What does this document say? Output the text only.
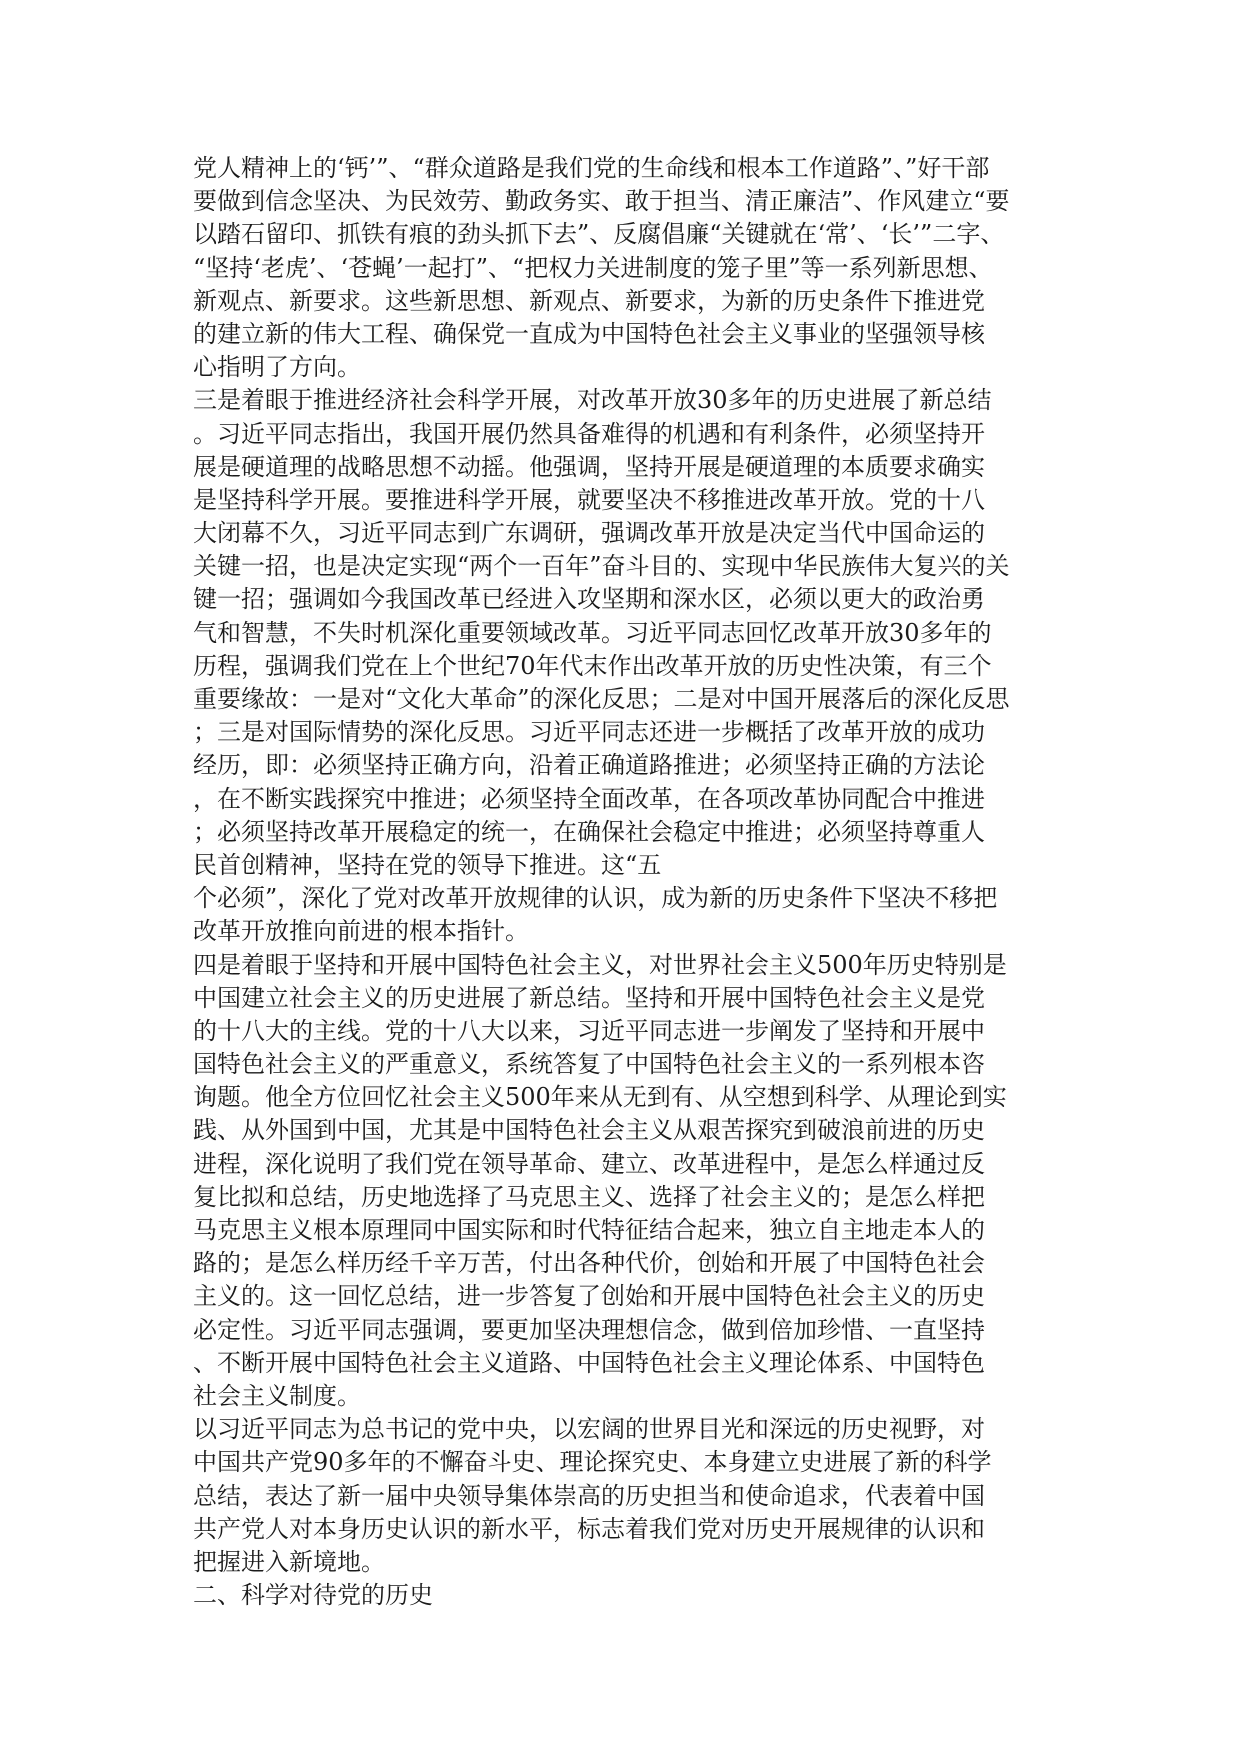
党人精神上的‘钙’”、“群众道路是我们党的生命线和根本工作道路”、”好干部
要做到信念坚决、为民效劳、勤政务实、敢于担当、清正廉洁”、作风建立“要
以踏石留印、抓铁有痕的劲头抓下去”、反腐倡廉“关键就在‘常’、‘长’”二字、
“坚持‘老虎’、‘苍蝇’一起打”、“把权力关进制度的笼子里”等一系列新思想、
新观点、新要求。这些新思想、新观点、新要求，为新的历史条件下推进党
的建立新的伟大工程、确保党一直成为中国特色社会主义事业的坚强领导核
心指明了方向。
三是着眼于推进经济社会科学开展，对改革开放30多年的历史进展了新总结
。习近平同志指出，我国开展仍然具备难得的机遇和有利条件，必须坚持开
展是硬道理的战略思想不动摇。他强调，坚持开展是硬道理的本质要求确实
是坚持科学开展。要推进科学开展，就要坚决不移推进改革开放。党的十八
大闭幕不久，习近平同志到广东调研，强调改革开放是决定当代中国命运的
关键一招，也是决定实现“两个一百年”奋斗目的、实现中华民族伟大复兴的关
键一招；强调如今我国改革已经进入攻坚期和深水区，必须以更大的政治勇
气和智慧，不失时机深化重要领域改革。习近平同志回忆改革开放30多年的
历程，强调我们党在上个世纪70年代末作出改革开放的历史性决策，有三个
重要缘故：一是对“文化大革命”的深化反思；二是对中国开展落后的深化反思
；三是对国际情势的深化反思。习近平同志还进一步概括了改革开放的成功
经历，即：必须坚持正确方向，沿着正确道路推进；必须坚持正确的方法论
，在不断实践探究中推进；必须坚持全面改革，在各项改革协同配合中推进
；必须坚持改革开展稳定的统一，在确保社会稳定中推进；必须坚持尊重人
民首创精神，坚持在党的领导下推进。这“五
个必须”，深化了党对改革开放规律的认识，成为新的历史条件下坚决不移把
改革开放推向前进的根本指针。
四是着眼于坚持和开展中国特色社会主义，对世界社会主义500年历史特别是
中国建立社会主义的历史进展了新总结。坚持和开展中国特色社会主义是党
的十八大的主线。党的十八大以来，习近平同志进一步阐发了坚持和开展中
国特色社会主义的严重意义，系统答复了中国特色社会主义的一系列根本咨
询题。他全方位回忆社会主义500年来从无到有、从空想到科学、从理论到实
践、从外国到中国，尤其是中国特色社会主义从艰苦探究到破浪前进的历史
进程，深化说明了我们党在领导革命、建立、改革进程中，是怎么样通过反
复比拟和总结，历史地选择了马克思主义、选择了社会主义的；是怎么样把
马克思主义根本原理同中国实际和时代特征结合起来，独立自主地走本人的
路的；是怎么样历经千辛万苦，付出各种代价，创始和开展了中国特色社会
主义的。这一回忆总结，进一步答复了创始和开展中国特色社会主义的历史
必定性。习近平同志强调，要更加坚决理想信念，做到倍加珍惜、一直坚持
、不断开展中国特色社会主义道路、中国特色社会主义理论体系、中国特色
社会主义制度。
以习近平同志为总书记的党中央，以宏阔的世界目光和深远的历史视野，对
中国共产党90多年的不懈奋斗史、理论探究史、本身建立史进展了新的科学
总结，表达了新一届中央领导集体崇高的历史担当和使命追求，代表着中国
共产党人对本身历史认识的新水平，标志着我们党对历史开展规律的认识和
把握进入新境地。
二、科学对待党的历史
